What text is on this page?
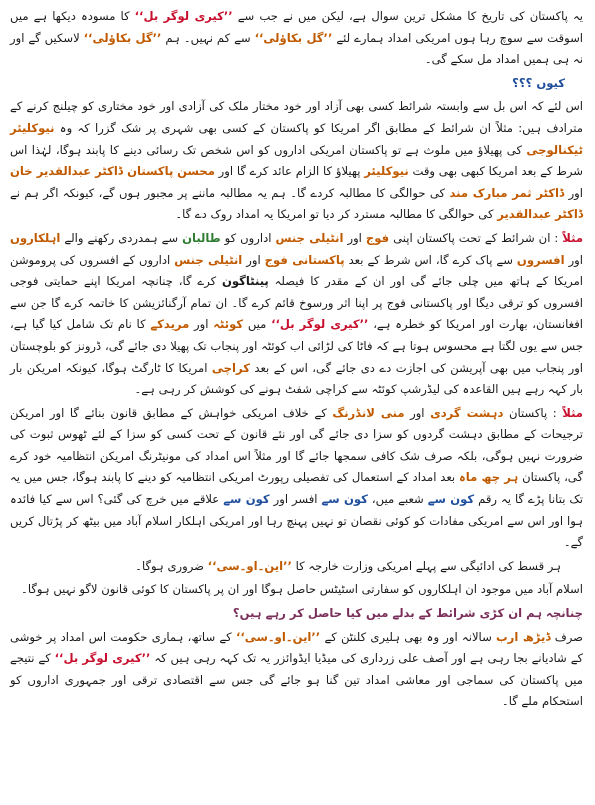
یہ پاکستان کی تاریخ کا مشکل ترین سوال ہے، لیکن میں نے جب سے ’’کیری لوگر بل‘‘ کا مسودہ دیکھا ہے میں اسوقت سے سوچ رہا ہوں امریکی امداد ہمارے لئے ’’گل بکاؤلی‘‘ سے کم نہیں۔ ہم ’’گل بکاؤلی‘‘ لاسکیں گے اور نہ ہی ہمیں امداد مل سکے گی۔

کیوں ؟؟؟

اس لئے کہ اس بل سے وابستہ شرائط کسی بھی آزاد اور خود مختار ملک کی آزادی اور خود مختاری کو چیلنج کرنے کے مترادف ہیں: مثلاً ان شرائط کے مطابق اگر امریکا کو پاکستان کے کسی بھی شہری پر شک گزرا کہ وہ نیوکلیئر ٹیکنالوجی کی پھیلاؤ میں ملوث ہے تو پاکستان امریکی اداروں کو اس شخص تک رسائی دینے کا پابند ہوگا، لہٰذا اس شرط کے بعد امریکا کبھی بھی وقت نیوکلیئر پھیلاؤ کا الزام عائد کرے گا اور محسن پاکستان ڈاکٹر عبدالقدیر خان اور ڈاکٹر ثمر مبارک مند کی حوالگی کا مطالبہ کردے گا۔ ہم یہ مطالبہ ماننے پر مجبور ہوں گے، کیونکہ اگر ہم نے ڈاکٹر عبدالقدیر کی حوالگی کا مطالبہ مسترد کر دیا تو امریکا یہ امداد روک دے گا۔

مثلاً : ان شرائط کے تحت پاکستان اپنی فوج اور انٹیلی جنس اداروں کو طالبان سے ہمدردی رکھنے والے اہلکاروں اور افسروں سے پاک کرے گا، اس شرط کے بعد پاکستانی فوج اور انٹیلی جنس اداروں کے افسروں کی پروموشن امریکا کے ہاتھ میں چلی جائے گی اور ان کے مقدر کا فیصلہ پینٹاگون کرے گا، چنانچہ امریکا اپنے حمایتی فوجی افسروں کو ترقی دیگا اور پاکستانی فوج پر اپنا اثر ورسوخ قائم کرے گا۔ ان تمام آرگنائزیشن کا خاتمہ کرے گا جن سے افغانستان، بھارت اور امریکا کو خطرہ ہے، ’’کیری لوگر بل‘‘ میں کوئٹہ اور مریدکے کا نام تک شامل کیا گیا ہے، جس سے یوں لگتا ہے محسوس ہوتا ہے کہ فاٹا کی لڑائی اب کوئٹہ اور پنجاب تک پھیلا دی جائے گی، ڈرونز کو بلوچستان اور پنجاب میں بھی آپریشن کی اجازت دے دی جائے گی، اس کے بعد کراچی امریکا کا ٹارگٹ ہوگا، کیونکہ امریکن بار بار کہہ رہے ہیں القاعدہ کی لیڈرشپ کوئٹہ سے کراچی شفٹ ہونے کی کوشش کر رہی ہے۔

مثلاً : پاکستان دہشت گردی اور منی لانڈرنگ کے خلاف امریکی خواہش کے مطابق قانون بنائے گا اور امریکن ترجیحات کے مطابق دہشت گردوں کو سزا دی جائے گی اور نئے قانون کے تحت کسی کو سزا کے لئے ٹھوس ثبوت کی ضرورت نہیں ہوگی، بلکہ صرف شک کافی سمجھا جائے گا اور مثلاً اس امداد کی مونیٹرنگ امریکن انتظامیہ خود کرے گی، پاکستان ہر چھ ماہ بعد امداد کے استعمال کی تفصیلی رپورٹ امریکی انتظامیہ کو دینے کا پابند ہوگا، جس میں یہ تک بتانا پڑے گا یہ رقم کون سے شعبے میں، کون سے افسر اور کون سے علاقے میں خرچ کی گئی؟ اس سے کیا فائدہ ہوا اور اس سے امریکی مفادات کو کوئی نقصان تو نہیں پہنچ رہا اور امریکی اہلکار اسلام آباد میں بیٹھ کر پڑتال کریں گے۔

ہر قسط کی ادائیگی سے پہلے امریکی وزارت خارجہ کا ’’این۔او۔سی‘‘ ضروری ہوگا۔

اسلام آباد میں موجود ان اہلکاروں کو سفارتی اسٹیٹس حاصل ہوگا اور ان پر پاکستان کا کوئی قانون لاگو نہیں ہوگا۔

چنانچہ ہم ان کڑی شرائط کے بدلے میں کیا حاصل کر رہے ہیں؟

صرف ڈیڑھ ارب سالانہ اور وہ بھی ہلیری کلنٹن کے ’’این۔او۔سی‘‘ کے ساتھ، ہماری حکومت اس امداد پر خوشی کے شادیانے بجا رہی ہے اور آصف علی زرداری کی میڈیا ایڈوائزر یہ تک کہہ رہی ہیں کہ ’’کیری لوگر بل‘‘ کے نتیجے میں پاکستان کی سماجی اور معاشی امداد تین گنا ہو جائے گی جس سے اقتصادی ترقی اور جمہوری اداروں کو استحکام ملے گا۔
